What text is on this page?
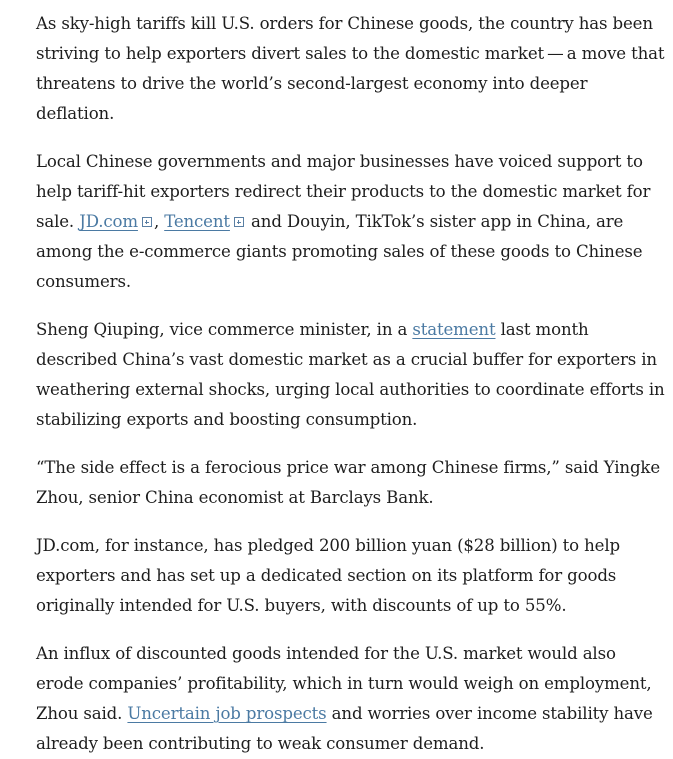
As sky-high tariffs kill U.S. orders for Chinese goods, the country has been striving to help exporters divert sales to the domestic market — a move that threatens to drive the world’s second-largest economy into deeper deflation.

Local Chinese governments and major businesses have voiced support to help tariff-hit exporters redirect their products to the domestic market for sale. JD.com , Tencent and Douyin, TikTok’s sister app in China, are among the e-commerce giants promoting sales of these goods to Chinese consumers.

Sheng Qiuping, vice commerce minister, in a statement last month described China’s vast domestic market as a crucial buffer for exporters in weathering external shocks, urging local authorities to coordinate efforts in stabilizing exports and boosting consumption.

“The side effect is a ferocious price war among Chinese firms,” said Yingke Zhou, senior China economist at Barclays Bank.

JD.com, for instance, has pledged 200 billion yuan ($28 billion) to help exporters and has set up a dedicated section on its platform for goods originally intended for U.S. buyers, with discounts of up to 55%.

An influx of discounted goods intended for the U.S. market would also erode companies’ profitability, which in turn would weigh on employment, Zhou said. Uncertain job prospects and worries over income stability have already been contributing to weak consumer demand.
